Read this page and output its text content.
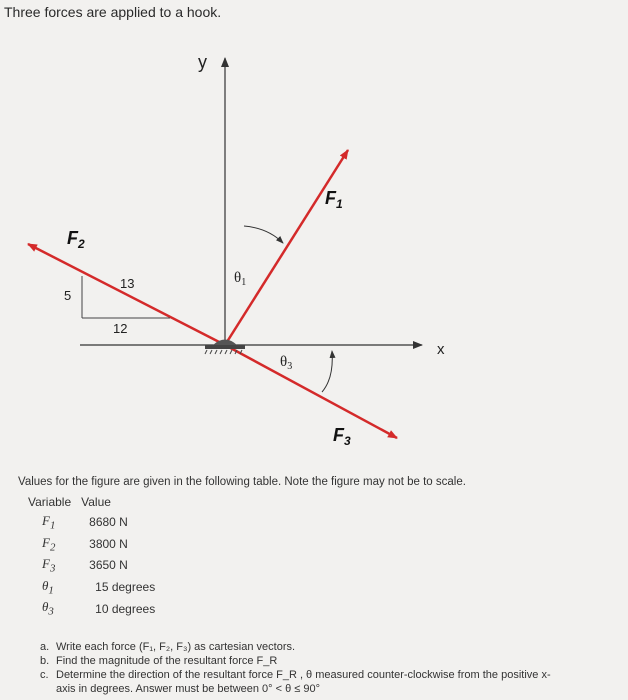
Three forces are applied to a hook.
y
x
5
12
13	$\theta_1$
$\theta_3$
$F_1$
$F_2$
$F_3$
Values for the figure are given in the following table. Note the figure may not be to scale.
Variable	Value
$F_1$	8680 N
$F_2$	3800 N
$F_3$	3650 N
$\theta_1$	15 degrees
$\theta_3$	10 degrees
a. Write each force (F₁, F₂, F₃) as cartesian vectors.
b. Find the magnitude of the resultant force F_R
c. Determine the direction of the resultant force F_R , θ measured counter-clockwise from the positive x-
axis in degrees. Answer must be between 0° < θ ≤ 90°
